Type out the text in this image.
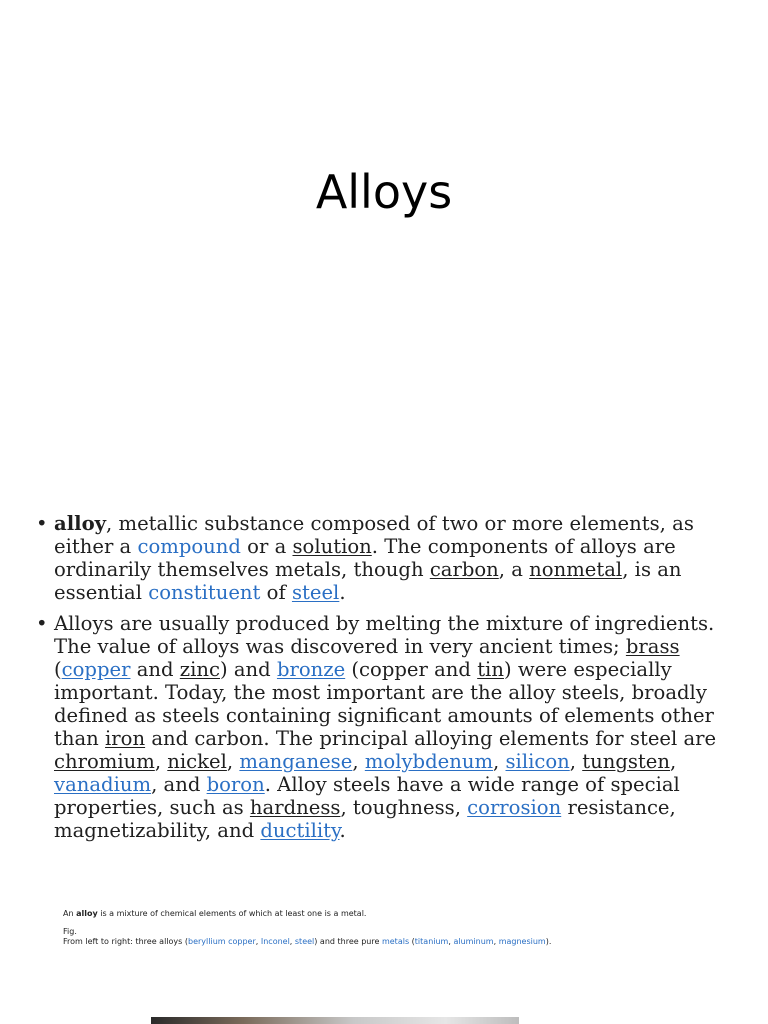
Alloys
• alloy, metallic substance composed of two or more elements, as either a compound or a solution. The components of alloys are ordinarily themselves metals, though carbon, a nonmetal, is an essential constituent of steel.
• Alloys are usually produced by melting the mixture of ingredients. The value of alloys was discovered in very ancient times; brass (copper and zinc) and bronze (copper and tin) were especially important. Today, the most important are the alloy steels, broadly defined as steels containing significant amounts of elements other than iron and carbon. The principal alloying elements for steel are chromium, nickel, manganese, molybdenum, silicon, tungsten, vanadium, and boron. Alloy steels have a wide range of special properties, such as hardness, toughness, corrosion resistance, magnetizability, and ductility.

An alloy is a mixture of chemical elements of which at least one is a metal.

Fig.

From left to right: three alloys (beryllium copper, Inconel, steel) and three pure metals (titanium, aluminum, magnesium).
